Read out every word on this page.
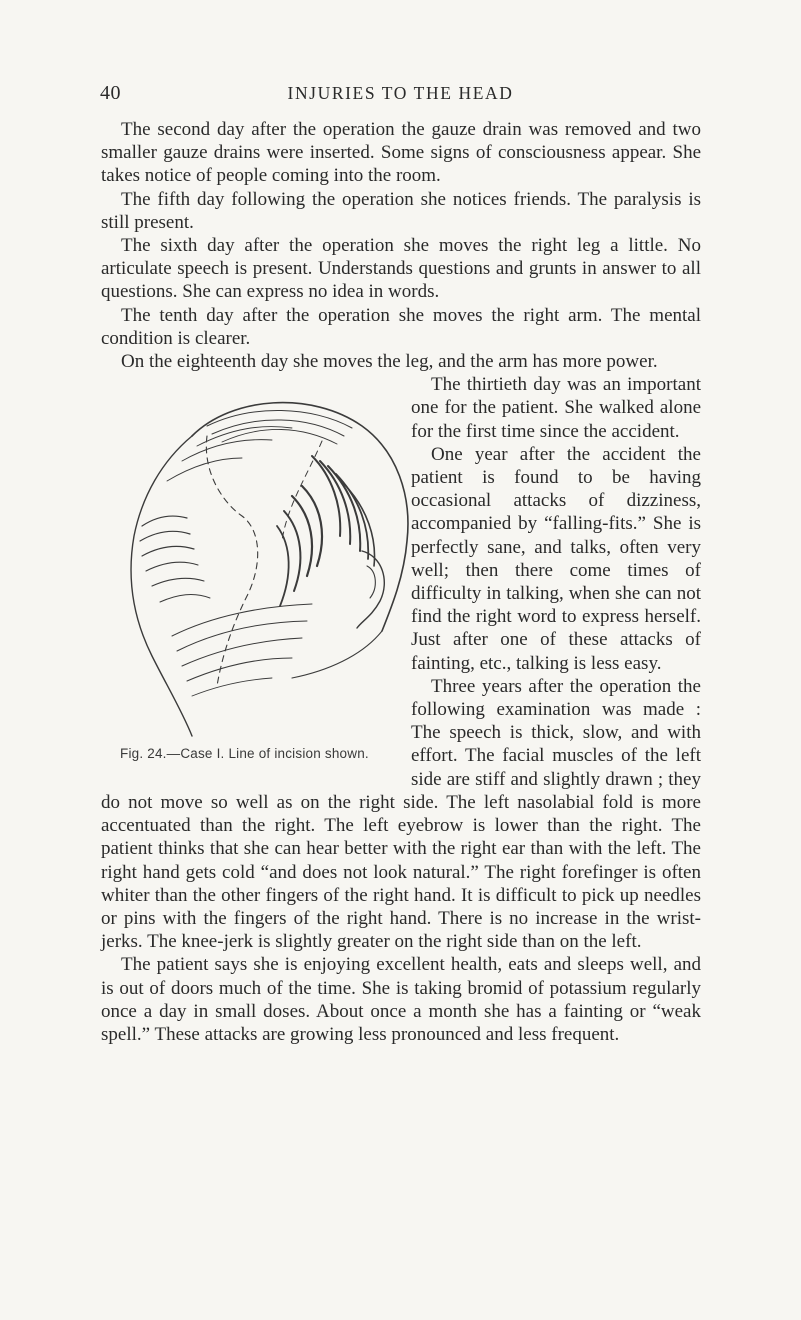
40	INJURIES TO THE HEAD

The second day after the operation the gauze drain was removed and two smaller gauze drains were inserted. Some signs of consciousness appear. She takes notice of people coming into the room.

The fifth day following the operation she notices friends. The paralysis is still present.

The sixth day after the operation she moves the right leg a little. No articulate speech is present. Understands questions and grunts in answer to all questions. She can express no idea in words.

The tenth day after the operation she moves the right arm. The mental condition is clearer.

On the eighteenth day she moves the leg, and the arm has more power.

The thirtieth day was an important one for the patient. She walked alone for the first time since the accident.

One year after the accident the patient is found to be having occasional attacks of dizziness, accompanied by “falling-fits.” She is perfectly sane, and talks, often very well; then there come times of difficulty in talking, when she can not find the right word to express herself. Just after one of these attacks of fainting, etc., talking is less easy.

Three years after the operation the following examination was made : The speech is thick, slow, and with effort. The facial muscles of the left side are stiff and slightly drawn ; they do not move so well as on the right side. The left nasolabial fold is more accentuated than the right. The left eyebrow is lower than the right. The patient thinks that she can hear better with the right ear than with the left. The right hand gets cold “and does not look natural.” The right forefinger is often whiter than the other fingers of the right hand. It is difficult to pick up needles or pins with the fingers of the right hand. There is no increase in the wrist-jerks. The knee-jerk is slightly greater on the right side than on the left.

The patient says she is enjoying excellent health, eats and sleeps well, and is out of doors much of the time. She is taking bromid of potassium regularly once a day in small doses. About once a month she has a fainting or “weak spell.” These attacks are growing less pronounced and less frequent.

Fig. 24.—Case I. Line of incision shown.
